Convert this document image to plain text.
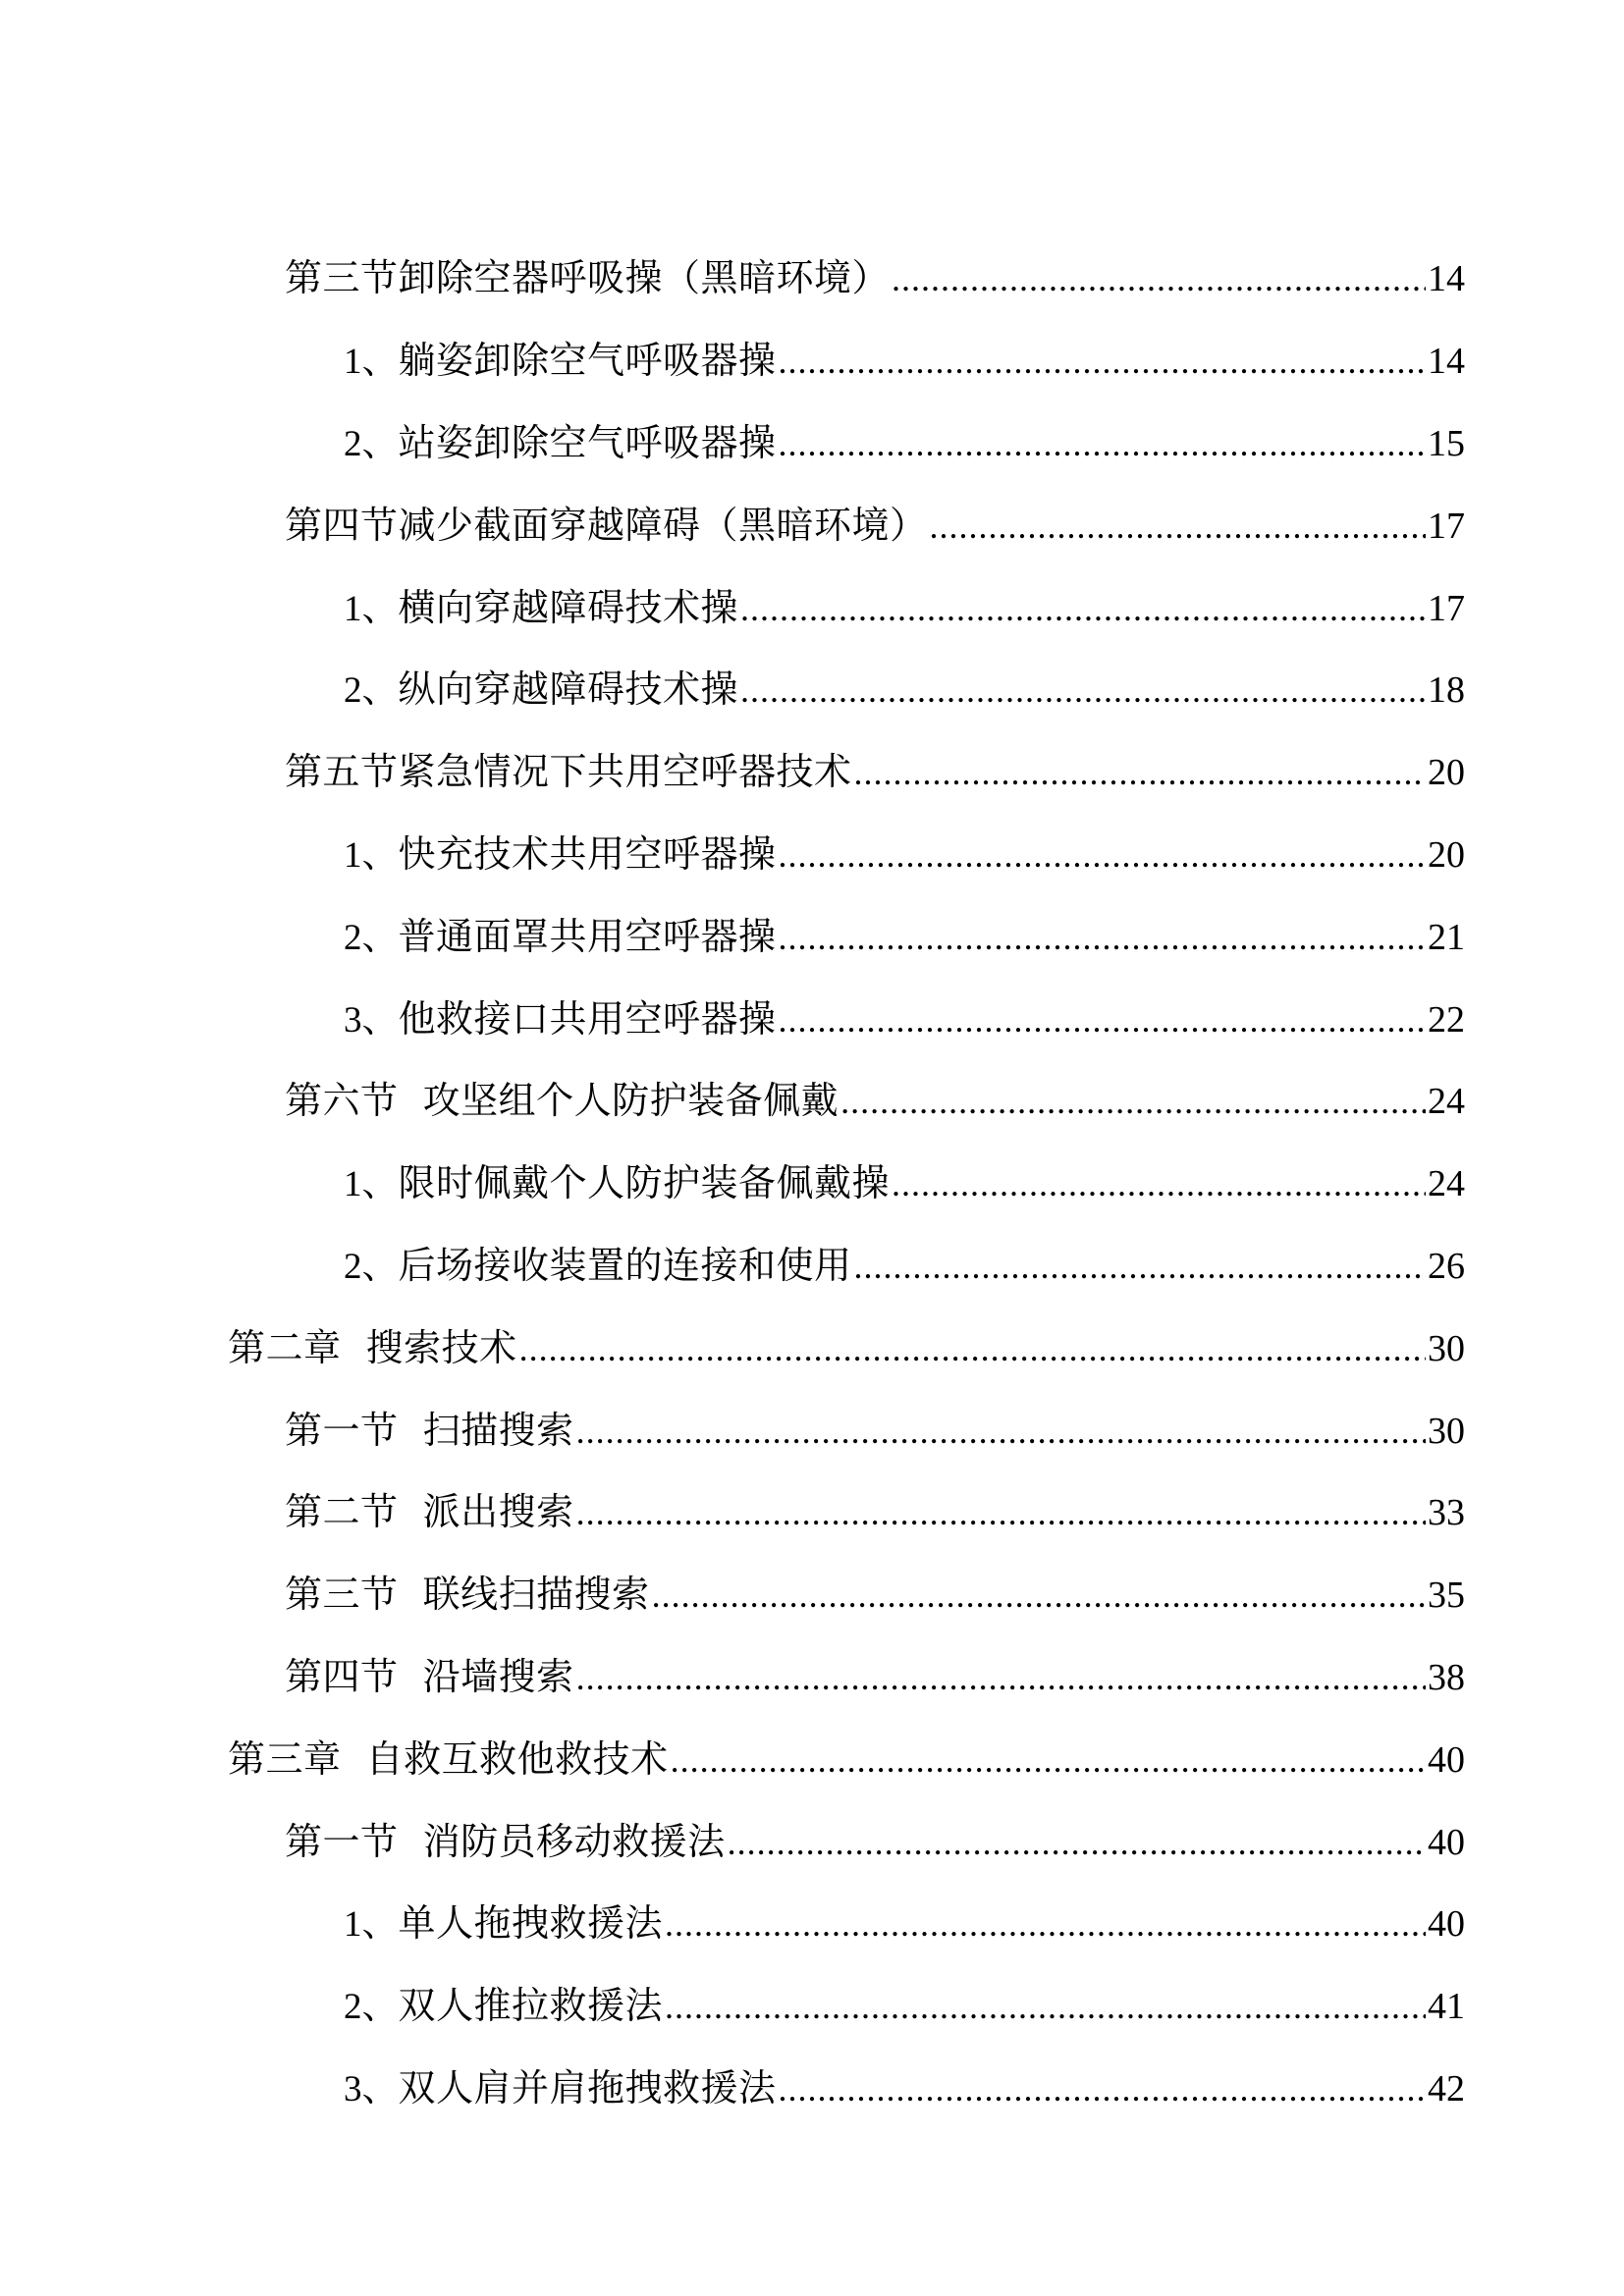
第三节卸除空器呼吸操（黑暗环境） .....	14
1、 躺姿卸除空气呼吸器操 .....	14
2、 站姿卸除空气呼吸器操 .....	15
第四节减少截面穿越障碍（黑暗环境） .....	17
1、 横向穿越障碍技术操 .....	17
2、 纵向穿越障碍技术操 .....	18
第五节紧急情况下共用空呼器技术 .....	20
1、 快充技术共用空呼器操 .....	20
2、 普通面罩共用空呼器操 .....	21
3、 他救接口共用空呼器操 .....	22
第六节  攻坚组个人防护装备佩戴 .....	24
1、 限时佩戴个人防护装备佩戴操 .....	24
2、 后场接收装置的连接和使用 .....	26
第二章  搜索技术 .....	30
第一节  扫描搜索 .....	30
第二节  派出搜索 .....	33
第三节  联线扫描搜索 .....	35
第四节  沿墙搜索 .....	38
第三章  自救互救他救技术 .....	40
第一节  消防员移动救援法 .....	40
1、 单人拖拽救援法 .....	40
2、 双人推拉救援法 .....	41
3、 双人肩并肩拖拽救援法 .....	42
